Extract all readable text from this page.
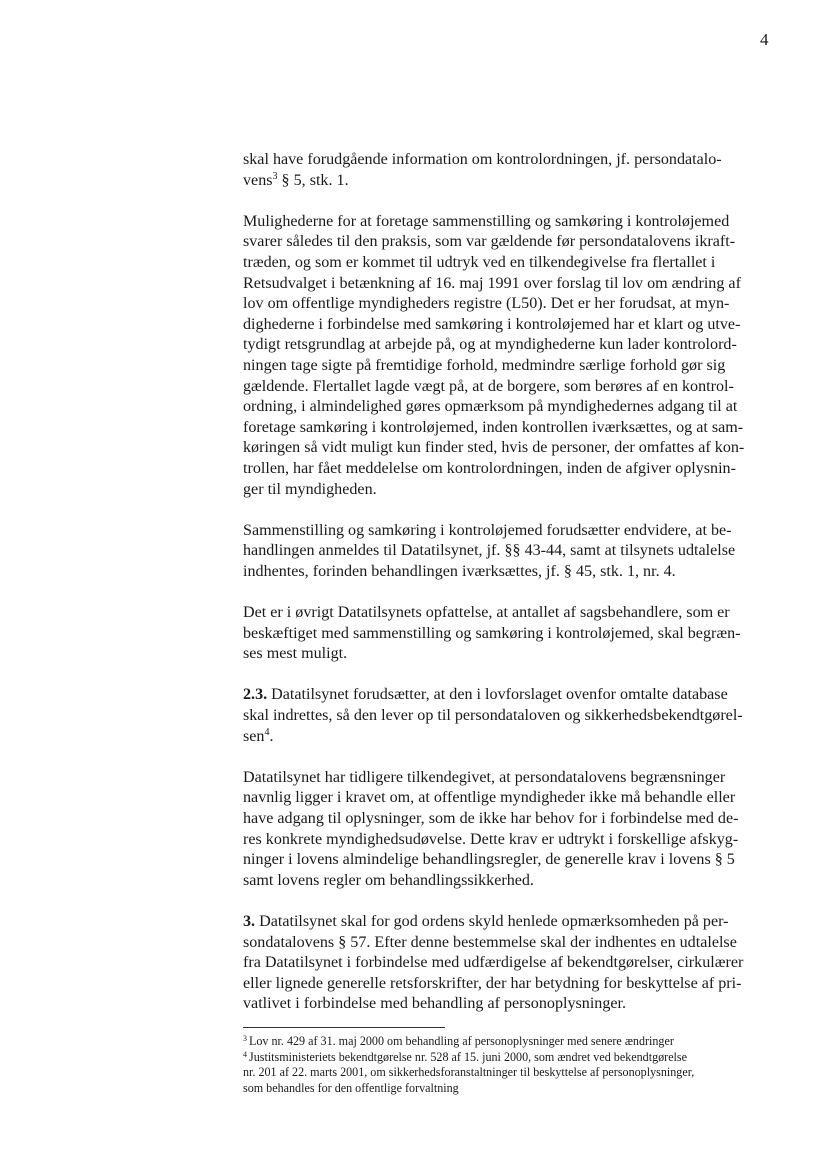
4
skal have forudgående information om kontrolordningen, jf. persondatalo-
vens$^3$ § 5, stk. 1.
Mulighederne for at foretage sammenstilling og samkøring i kontroløjemed
svarer således til den praksis, som var gældende før persondatalovens ikraft-
træden, og som er kommet til udtryk ved en tilkendegivelse fra flertallet i
Retsudvalget i betænkning af 16. maj 1991 over forslag til lov om ændring af
lov om offentlige myndigheders registre (L50). Det er her forudsat, at myn-
dighederne i forbindelse med samkøring i kontroløjemed har et klart og utve-
tydigt retsgrundlag at arbejde på, og at myndighederne kun lader kontrolord-
ningen tage sigte på fremtidige forhold, medmindre særlige forhold gør sig
gældende. Flertallet lagde vægt på, at de borgere, som berøres af en kontrol-
ordning, i almindelighed gøres opmærksom på myndighedernes adgang til at
foretage samkøring i kontroløjemed, inden kontrollen iværksættes, og at sam-
køringen så vidt muligt kun finder sted, hvis de personer, der omfattes af kon-
trollen, har fået meddelelse om kontrolordningen, inden de afgiver oplysnin-
ger til myndigheden.
Sammenstilling og samkøring i kontroløjemed forudsætter endvidere, at be-
handlingen anmeldes til Datatilsynet, jf. §§ 43-44, samt at tilsynets udtalelse
indhentes, forinden behandlingen iværksættes, jf. § 45, stk. 1, nr. 4.
Det er i øvrigt Datatilsynets opfattelse, at antallet af sagsbehandlere, som er
beskæftiget med sammenstilling og samkøring i kontroløjemed, skal begræn-
ses mest muligt.
2.3. Datatilsynet forudsætter, at den i lovforslaget ovenfor omtalte database
skal indrettes, så den lever op til persondataloven og sikkerhedsbekendtgørel-
sen$^4$.
Datatilsynet har tidligere tilkendegivet, at persondatalovens begrænsninger
navnlig ligger i kravet om, at offentlige myndigheder ikke må behandle eller
have adgang til oplysninger, som de ikke har behov for i forbindelse med de-
res konkrete myndighedsudøvelse. Dette krav er udtrykt i forskellige afskyg-
ninger i lovens almindelige behandlingsregler, de generelle krav i lovens § 5
samt lovens regler om behandlingssikkerhed.
3. Datatilsynet skal for god ordens skyld henlede opmærksomheden på per-
sondatalovens § 57. Efter denne bestemmelse skal der indhentes en udtalelse
fra Datatilsynet i forbindelse med udfærdigelse af bekendtgørelser, cirkulærer
eller lignede generelle retsforskrifter, der har betydning for beskyttelse af pri-
vatlivet i forbindelse med behandling af personoplysninger.
$^3$ Lov nr. 429 af 31. maj 2000 om behandling af personoplysninger med senere ændringer
$^4$ Justitsministeriets bekendtgørelse nr. 528 af 15. juni 2000, som ændret ved bekendtgørelse
nr. 201 af 22. marts 2001, om sikkerhedsforanstaltninger til beskyttelse af personoplysninger,
som behandles for den offentlige forvaltning
